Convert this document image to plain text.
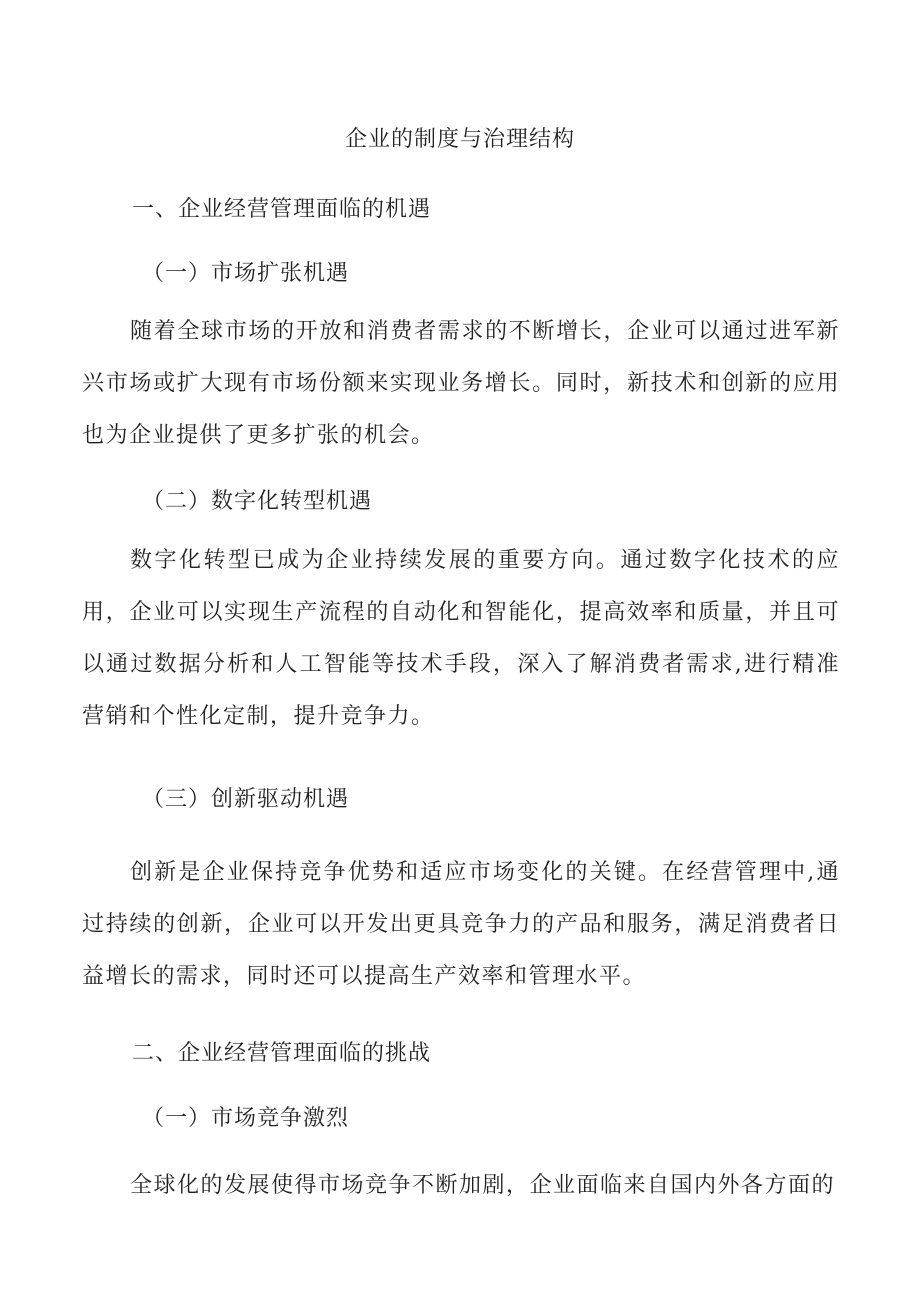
企业的制度与治理结构
一、企业经营管理面临的机遇
（一）市场扩张机遇

随着全球市场的开放和消费者需求的不断增长，企业可以通过进军新兴市场或扩大现有市场份额来实现业务增长。同时，新技术和创新的应用也为企业提供了更多扩张的机会。

（二）数字化转型机遇

数字化转型已成为企业持续发展的重要方向。通过数字化技术的应用，企业可以实现生产流程的自动化和智能化，提高效率和质量，并且可以通过数据分析和人工智能等技术手段，深入了解消费者需求,进行精准营销和个性化定制，提升竞争力。

（三）创新驱动机遇

创新是企业保持竞争优势和适应市场变化的关键。在经营管理中,通过持续的创新，企业可以开发出更具竞争力的产品和服务，满足消费者日益增长的需求，同时还可以提高生产效率和管理水平。

二、企业经营管理面临的挑战
（一）市场竞争激烈

全球化的发展使得市场竞争不断加剧，企业面临来自国内外各方面的
